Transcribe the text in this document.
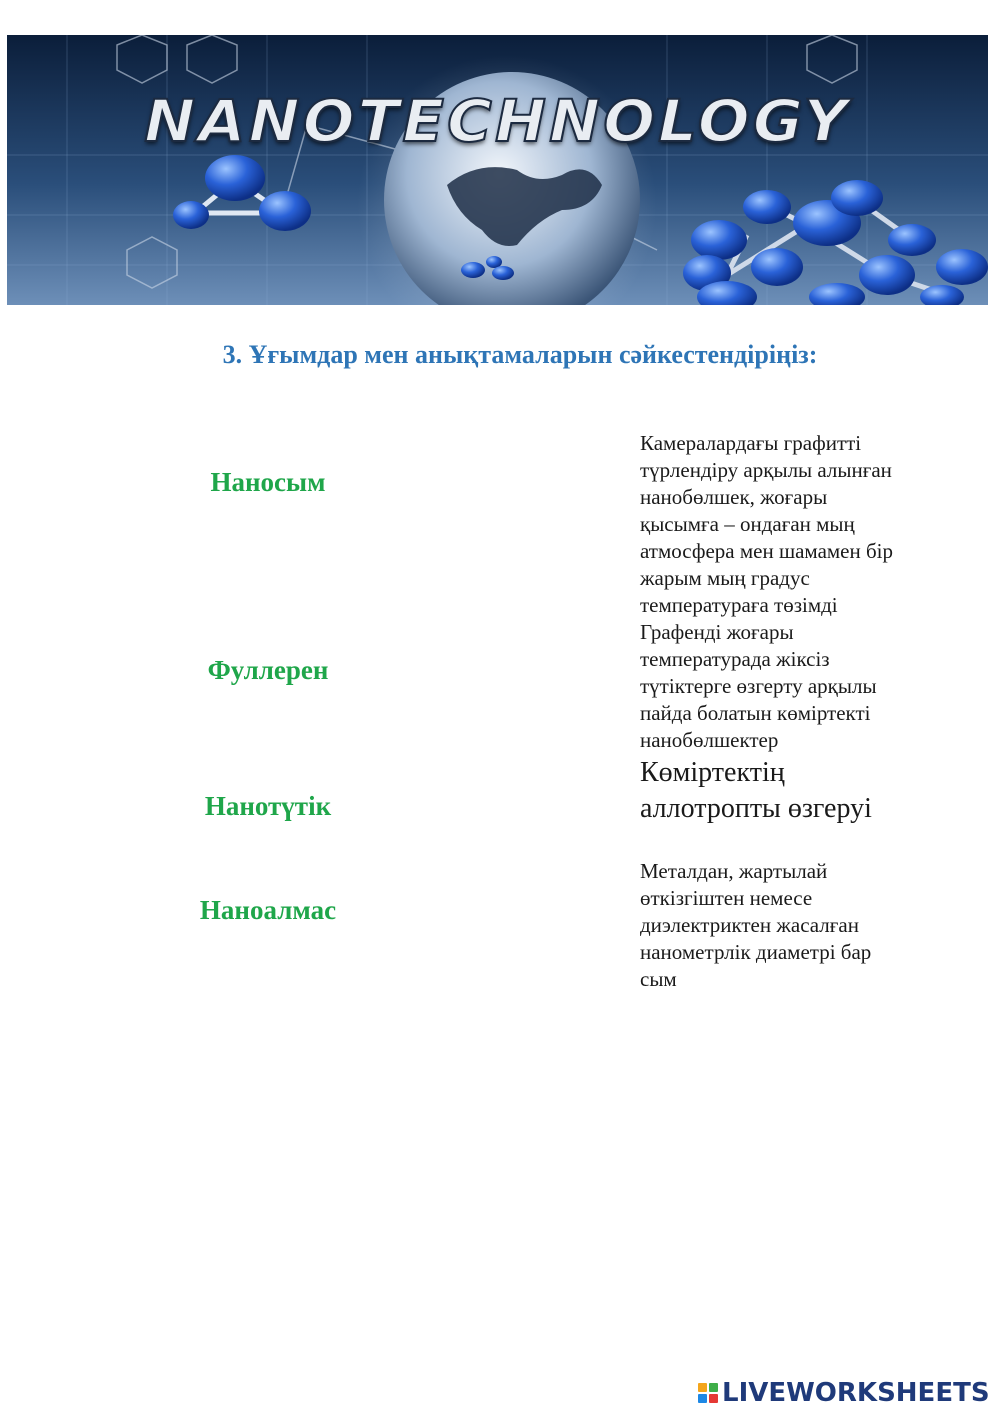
NANOTECHNOLOGY
3. Ұғымдар мен анықтамаларын сәйкестендіріңіз:
Наносым
Фуллерен
Нанотүтік
Наноалмас
Камералардағы графитті
түрлендіру арқылы алынған
нанобөлшек, жоғары
қысымға – ондаған мың
атмосфера мен шамамен бір
жарым мың градус
температураға төзімді
Графенді жоғары
температурада жіксіз
түтіктерге өзгерту арқылы
пайда болатын көміртекті
нанобөлшектер
Көміртектің
аллотропты өзгеруі
Металдан, жартылай
өткізгіштен немесе
диэлектриктен жасалған
нанометрлік диаметрі бар
сым
LIVEWORKSHEETS
